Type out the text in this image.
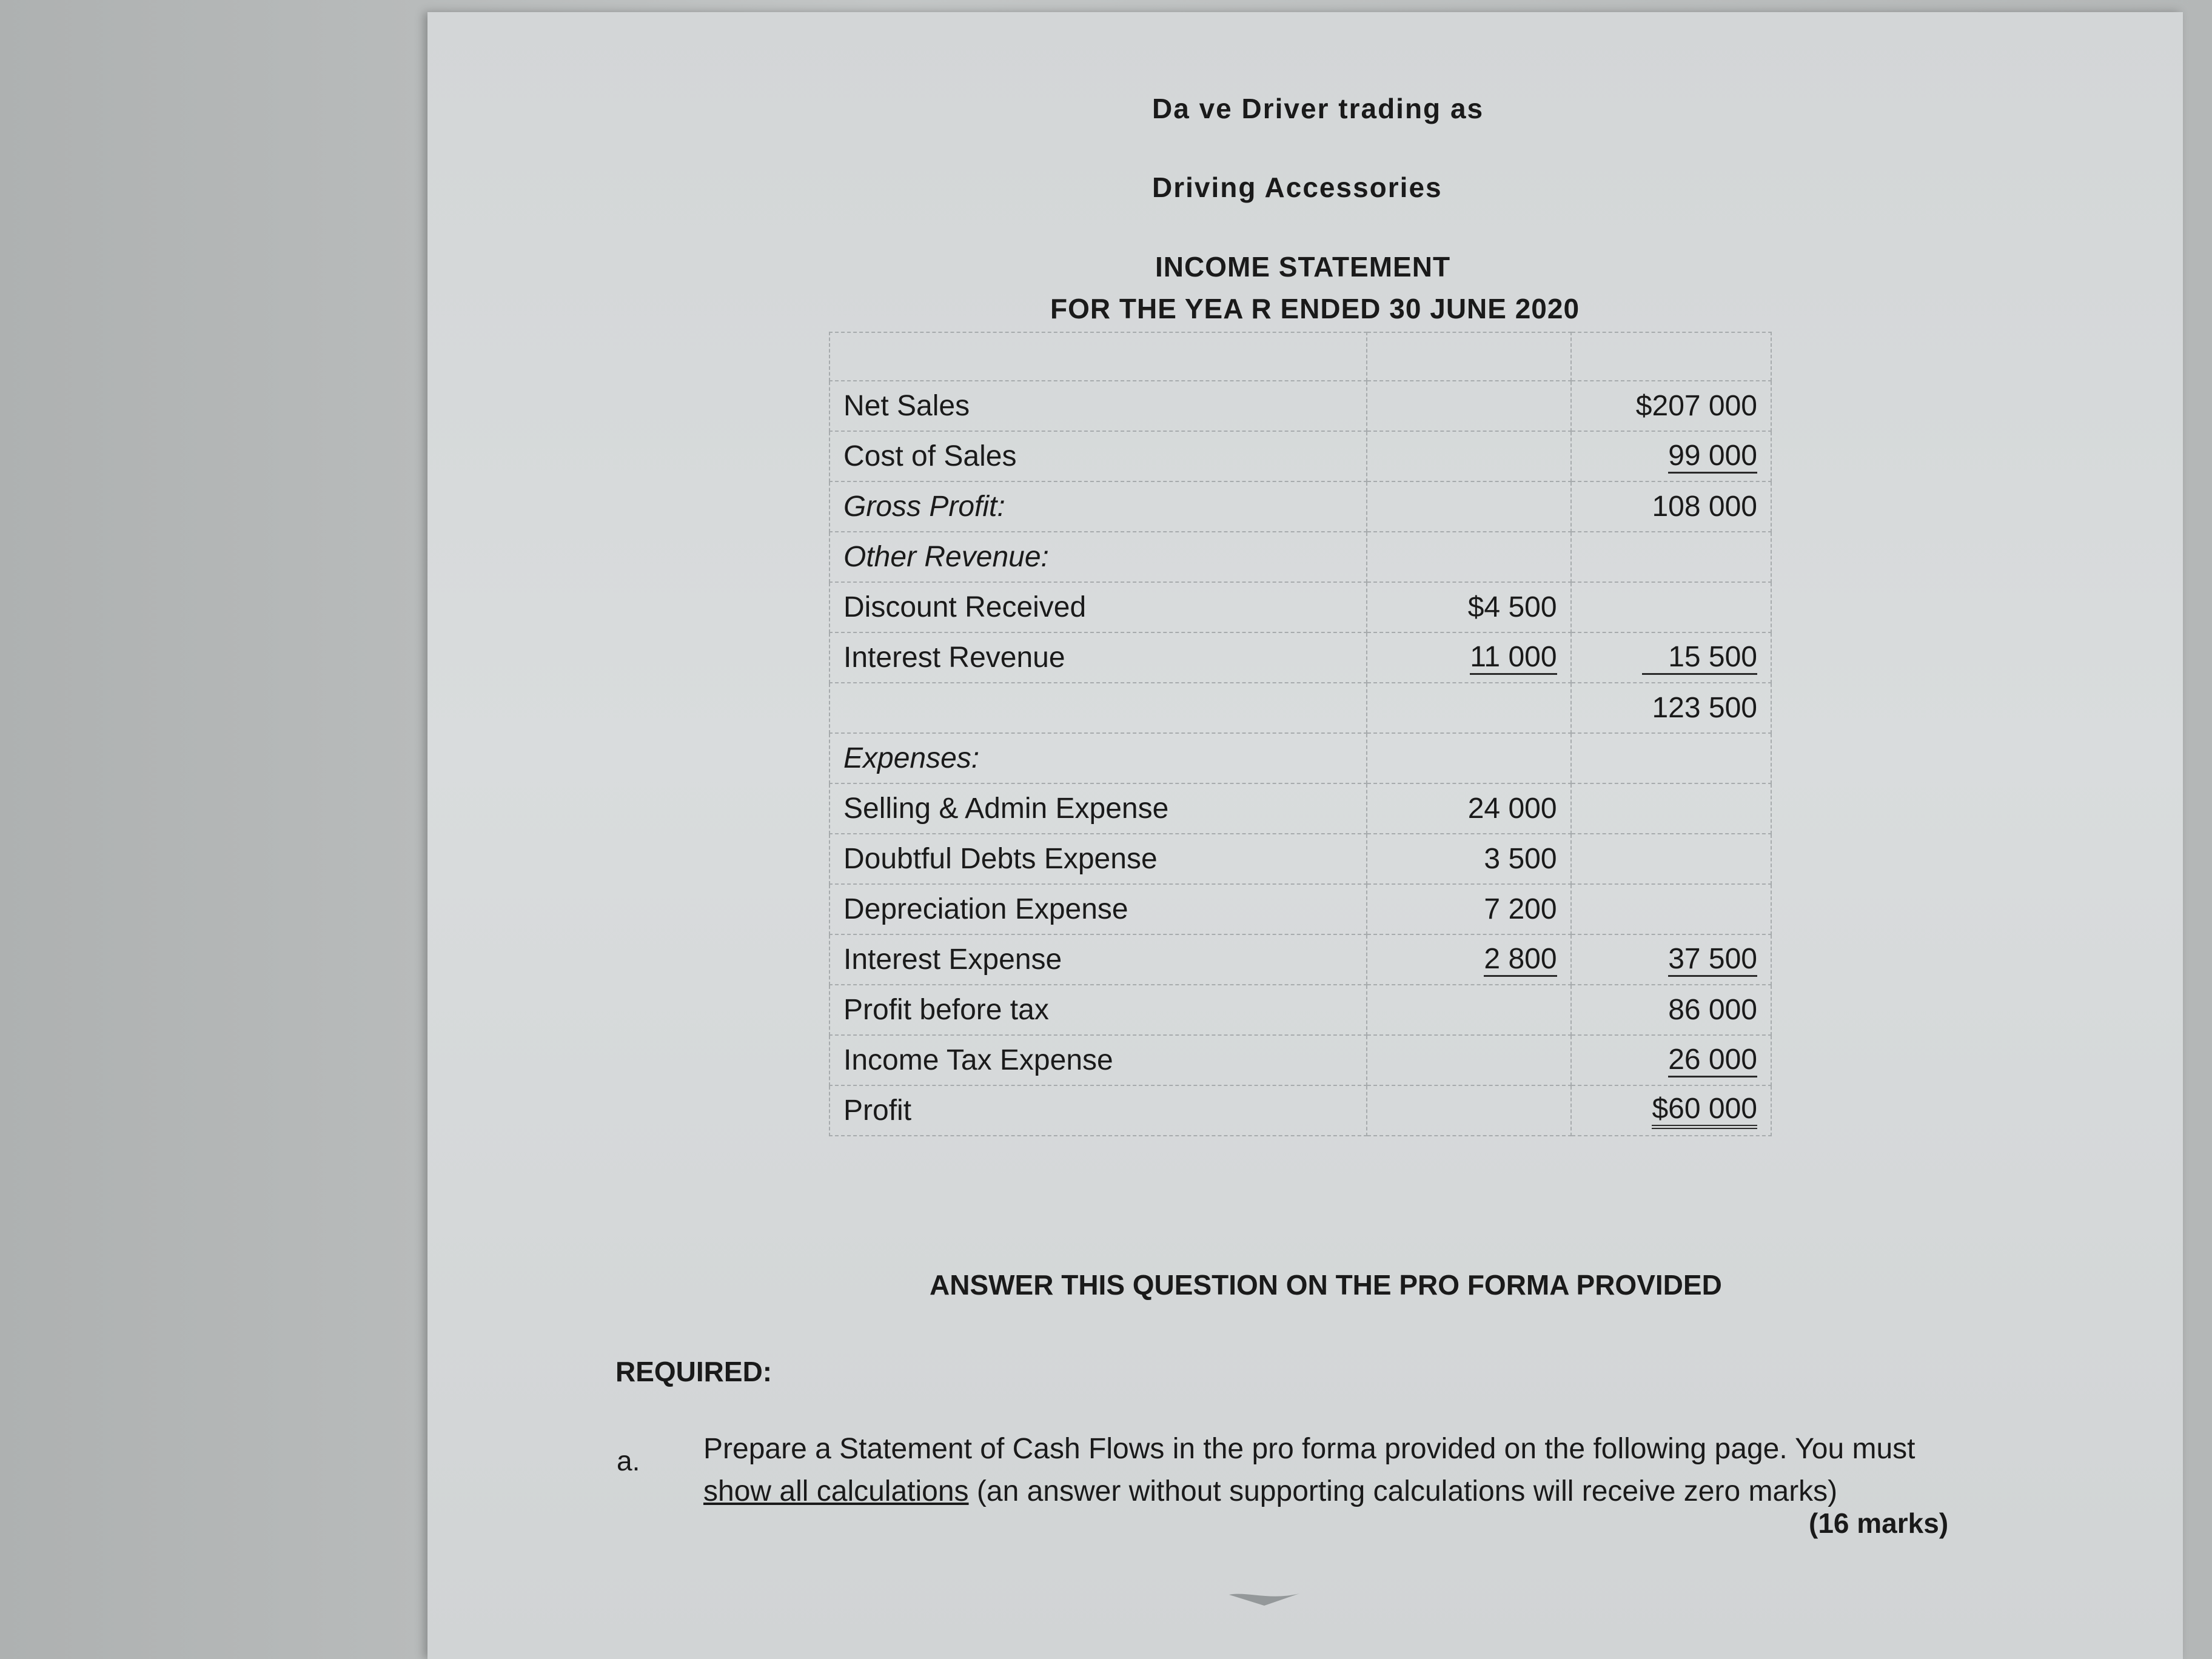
Da ve Driver trading as
Driving Accessories
INCOME STATEMENT
FOR THE YEA R ENDED 30 JUNE 2020

Net Sales		$207 000
Cost of Sales		99 000
Gross Profit:		108 000
Other Revenue:		
Discount Received	$4 500	
Interest Revenue	11 000	15 500
		123 500
Expenses:		
Selling & Admin Expense	24 000	
Doubtful Debts Expense	3 500	
Depreciation Expense	7 200	
Interest Expense	2 800	37 500
Profit before tax		86 000
Income Tax Expense		26 000
Profit		$60 000
ANSWER THIS QUESTION ON THE PRO FORMA PROVIDED
REQUIRED:
a. Prepare a Statement of Cash Flows in the pro forma provided on the following page. You must
show all calculations (an answer without supporting calculations will receive zero marks)
(16 marks)
